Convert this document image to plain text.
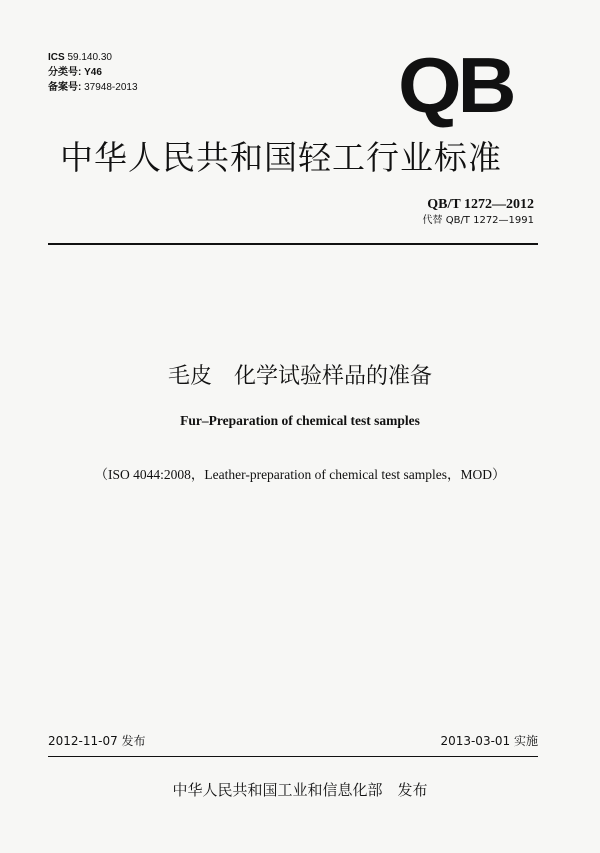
ICS 59.140.30
分类号: Y46
备案号: 37948-2013	QB
中华人民共和国轻工行业标准
QB/T 1272—2012
代替 QB/T 1272—1991
毛皮　化学试验样品的准备
Fur–Preparation of chemical test samples
（ISO 4044:2008，Leather-preparation of chemical test samples，MOD）
2012-11-07 发布	2013-03-01 实施
中华人民共和国工业和信息化部　发布
